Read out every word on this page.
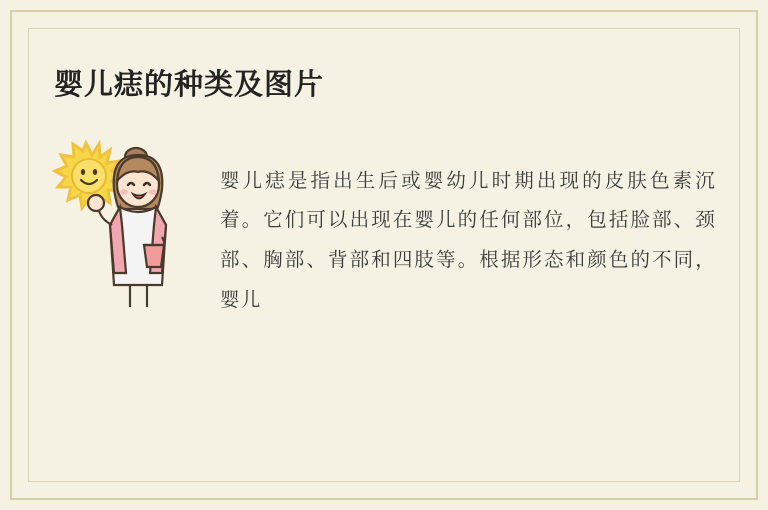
婴儿痣的种类及图片

婴儿痣是指出生后或婴幼儿时期出现的皮肤色素沉着。它们可以出现在婴儿的任何部位，包括脸部、颈部、胸部、背部和四肢等。根据形态和颜色的不同，婴儿
